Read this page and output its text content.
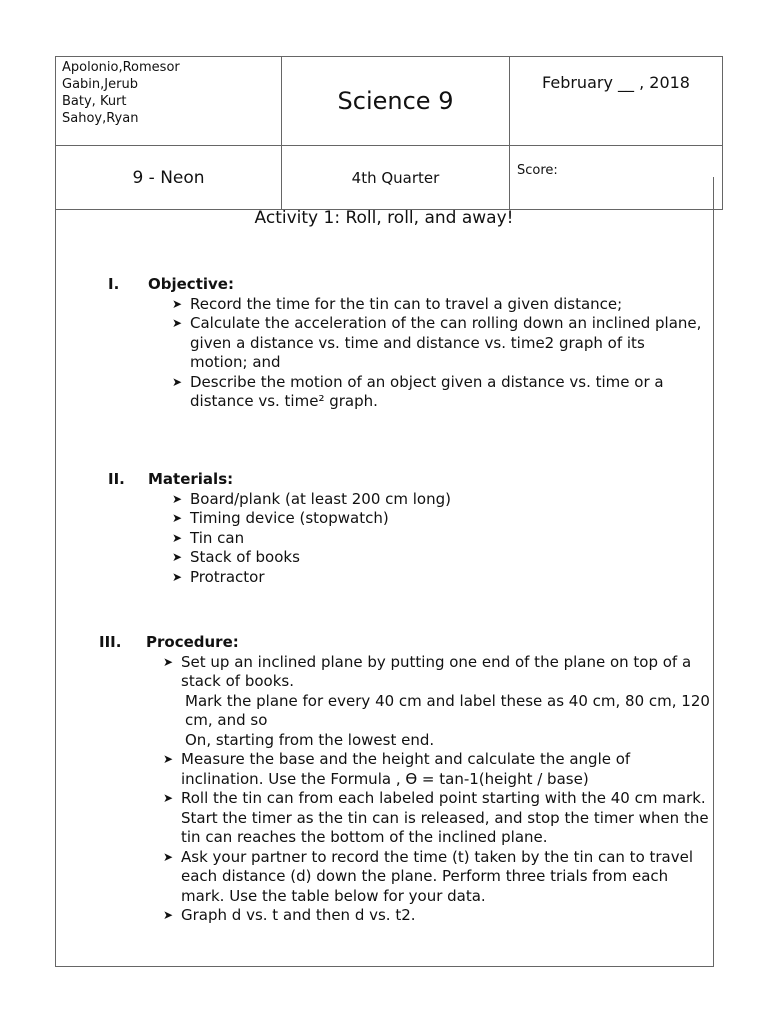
Apolonio,Romesor
Gabin,Jerub
Baty, Kurt
Sahoy,Ryan	Science 9	February __ , 2018
9 - Neon	4th Quarter	Score:
Activity 1: Roll, roll, and away!
I.	Objective:
➤ Record the time for the tin can to travel a given distance;
➤ Calculate the acceleration of the can rolling down an inclined plane, given a distance vs. time and distance vs. time2 graph of its motion; and
➤ Describe the motion of an object given a distance vs. time or a distance vs. time² graph.
II.	Materials:
➤ Board/plank (at least 200 cm long)
➤ Timing device (stopwatch)
➤ Tin can
➤ Stack of books
➤ Protractor
III.	Procedure:
➤ Set up an inclined plane by putting one end of the plane on top of a stack of books.
Mark the plane for every 40 cm and label these as 40 cm, 80 cm, 120 cm, and so
On, starting from the lowest end.
➤ Measure the base and the height and calculate the angle of inclination. Use the Formula , ϴ = tan-1(height / base)
➤ Roll the tin can from each labeled point starting with the 40 cm mark. Start the timer as the tin can is released, and stop the timer when the tin can reaches the bottom of the inclined plane.
➤ Ask your partner to record the time (t) taken by the tin can to travel each distance (d) down the plane. Perform three trials from each mark. Use the table below for your data.
➤ Graph d vs. t and then d vs. t2.
